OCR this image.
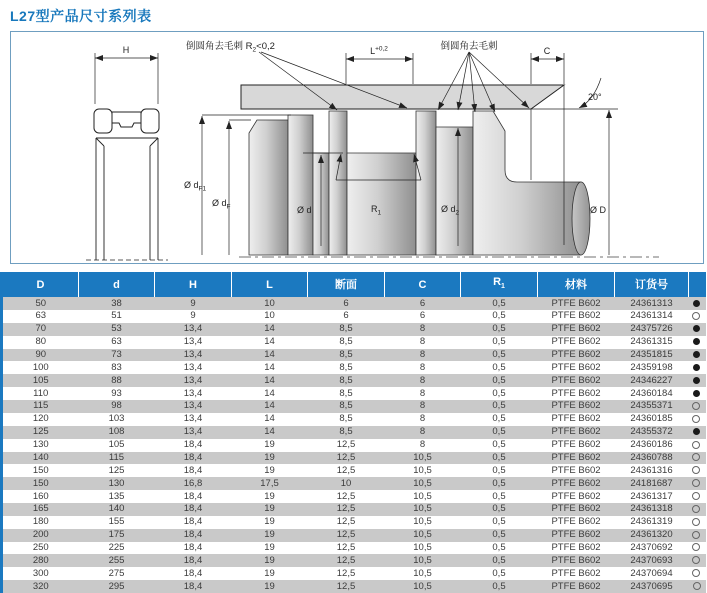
L27型产品尺寸系列表
H	倒圆角去毛刺 $R_2<0,2$	$L^{+0,2}$	倒圆角去毛刺	C
20°
Ø $d_{F1}$
Ø $d_F$	Ø d	$R_1$	Ø $d_2$	Ø D
D	d	H	L	断面	C	$R_1$	材料	订货号	
50	38	9	10	6	6	0,5	PTFE B602	24361313	
63	51	9	10	6	6	0,5	PTFE B602	24361314	
70	53	13,4	14	8,5	8	0,5	PTFE B602	24375726	
80	63	13,4	14	8,5	8	0,5	PTFE B602	24361315	
90	73	13,4	14	8,5	8	0,5	PTFE B602	24351815	
100	83	13,4	14	8,5	8	0,5	PTFE B602	24359198	
105	88	13,4	14	8,5	8	0,5	PTFE B602	24346227	
110	93	13,4	14	8,5	8	0,5	PTFE B602	24360184	
115	98	13,4	14	8,5	8	0,5	PTFE B602	24355371	
120	103	13,4	14	8,5	8	0,5	PTFE B602	24360185	
125	108	13,4	14	8,5	8	0,5	PTFE B602	24355372	
130	105	18,4	19	12,5	8	0,5	PTFE B602	24360186	
140	115	18,4	19	12,5	10,5	0,5	PTFE B602	24360788	
150	125	18,4	19	12,5	10,5	0,5	PTFE B602	24361316	
150	130	16,8	17,5	10	10,5	0,5	PTFE B602	24181687	
160	135	18,4	19	12,5	10,5	0,5	PTFE B602	24361317	
165	140	18,4	19	12,5	10,5	0,5	PTFE B602	24361318	
180	155	18,4	19	12,5	10,5	0,5	PTFE B602	24361319	
200	175	18,4	19	12,5	10,5	0,5	PTFE B602	24361320	
250	225	18,4	19	12,5	10,5	0,5	PTFE B602	24370692	
280	255	18,4	19	12,5	10,5	0,5	PTFE B602	24370693	
300	275	18,4	19	12,5	10,5	0,5	PTFE B602	24370694	
320	295	18,4	19	12,5	10,5	0,5	PTFE B602	24370695	
